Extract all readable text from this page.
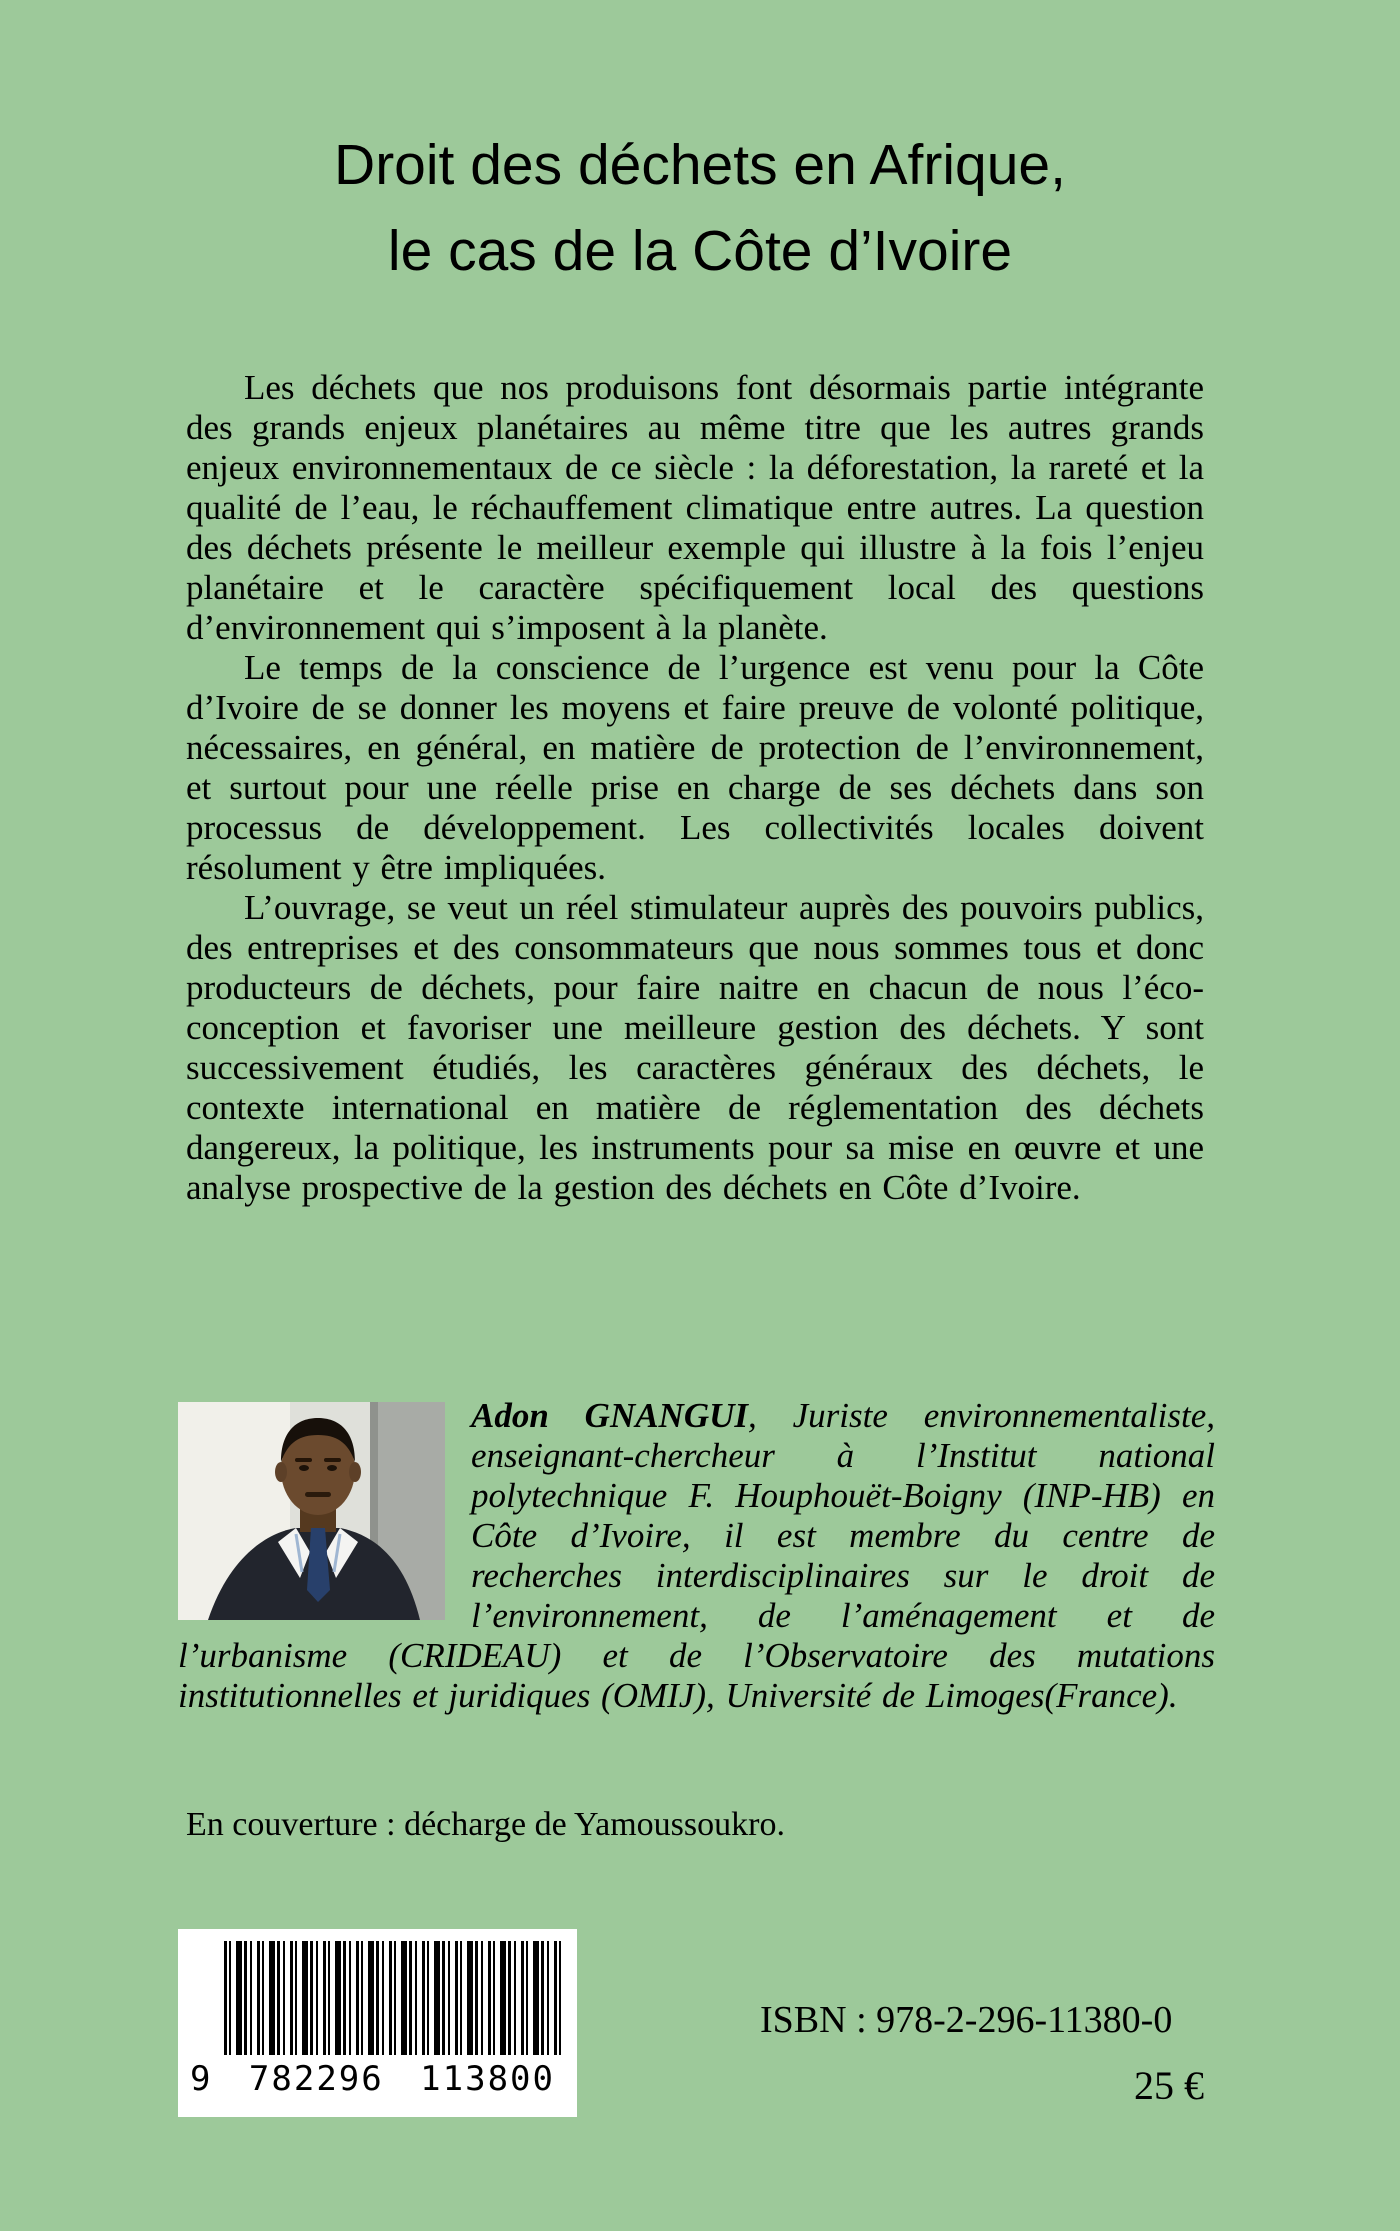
Droit des déchets en Afrique,
le cas de la Côte d’Ivoire

Les déchets que nos produisons font désormais partie intégrante des grands enjeux planétaires au même titre que les autres grands enjeux environnementaux de ce siècle : la déforestation, la rareté et la qualité de l’eau, le réchauffement climatique entre autres. La question des déchets présente le meilleur exemple qui illustre à la fois l’enjeu planétaire et le caractère spécifiquement local des questions d’environnement qui s’imposent à la planète.

Le temps de la conscience de l’urgence est venu pour la Côte d’Ivoire de se donner les moyens et faire preuve de volonté politique, nécessaires, en général, en matière de protection de l’environnement, et surtout pour une réelle prise en charge de ses déchets dans son processus de développement. Les collectivités locales doivent résolument y être impliquées.

L’ouvrage, se veut un réel stimulateur auprès des pouvoirs publics, des entreprises et des consommateurs que nous sommes tous et donc producteurs de déchets, pour faire naitre en chacun de nous l’éco-conception et favoriser une meilleure gestion des déchets. Y sont successivement étudiés, les caractères généraux des déchets, le contexte international en matière de réglementation des déchets dangereux, la politique, les instruments pour sa mise en œuvre et une analyse prospective de la gestion des déchets en Côte d’Ivoire.

Adon GNANGUI, Juriste environnementaliste, enseignant-chercheur à l’Institut national polytechnique F. Houphouët-Boigny (INP-HB) en Côte d’Ivoire, il est membre du centre de recherches interdisciplinaires sur le droit de l’environnement, de l’aménagement et de l’urbanisme (CRIDEAU) et de l’Observatoire des mutations institutionnelles et juridiques (OMIJ), Université de Limoges(France).
En couverture : décharge de Yamoussoukro.
9 782296 113800
ISBN : 978-2-296-11380-0
25 €
